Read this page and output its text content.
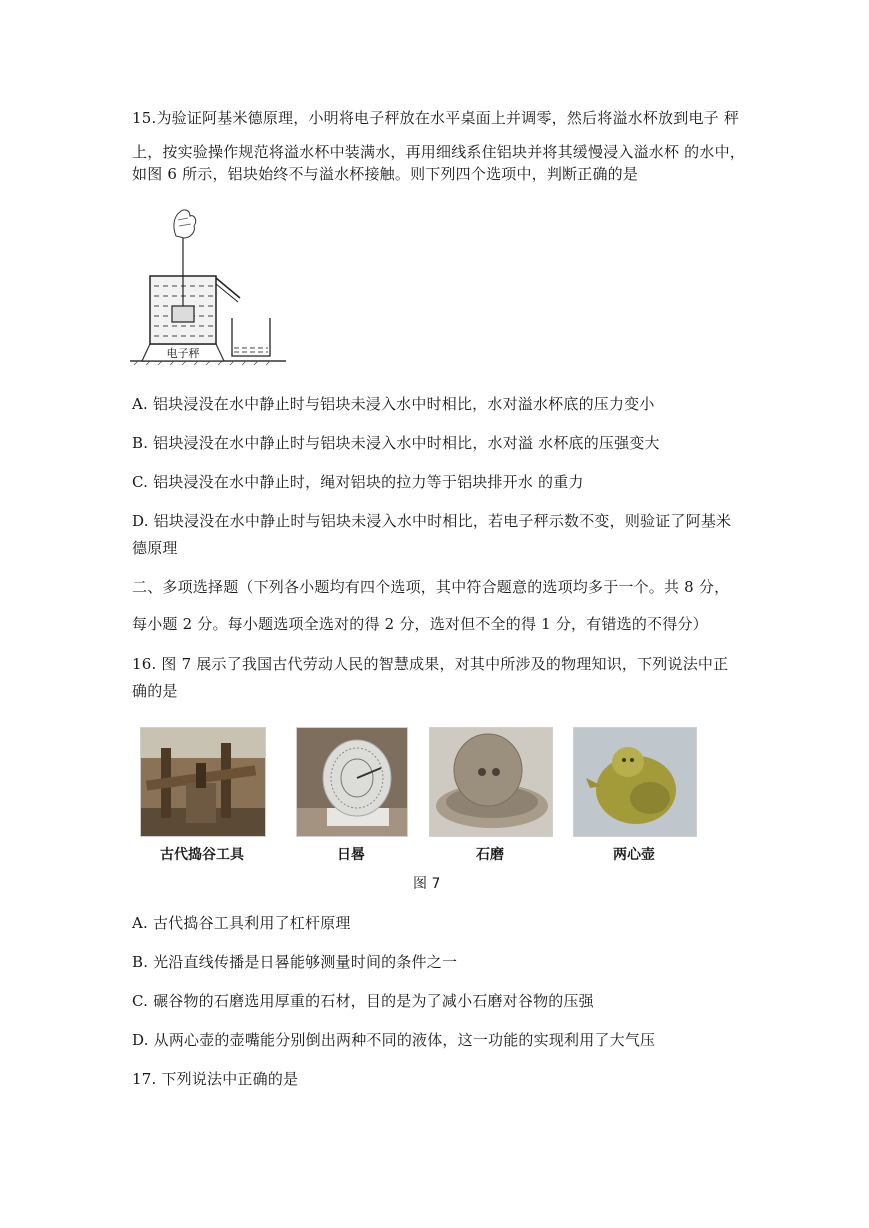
15.为验证阿基米德原理，小明将电子秤放在水平桌面上并调零，然后将溢水杯放到电子 秤
上，按实验操作规范将溢水杯中装满水，再用细线系住铝块并将其缓慢浸入溢水杯 的水中，
如图 6 所示，铝块始终不与溢水杯接触。则下列四个选项中，判断正确的是
电子秤
A. 铝块浸没在水中静止时与铝块未浸入水中时相比，水对溢水杯底的压力变小
B. 铝块浸没在水中静止时与铝块未浸入水中时相比，水对溢 水杯底的压强变大
C. 铝块浸没在水中静止时，绳对铝块的拉力等于铝块排开水 的重力
D. 铝块浸没在水中静止时与铝块未浸入水中时相比，若电子秤示数不变，则验证了阿基米
德原理
二、多项选择题（下列各小题均有四个选项，其中符合题意的选项均多于一个。共 8 分，
每小题 2 分。每小题选项全选对的得 2 分，选对但不全的得 1 分，有错选的不得分）
16. 图 7 展示了我国古代劳动人民的智慧成果，对其中所涉及的物理知识，下列说法中正
确的是
古代捣谷工具	日晷	石磨	两心壶
图 7
A. 古代捣谷工具利用了杠杆原理
B. 光沿直线传播是日晷能够测量时间的条件之一
C. 碾谷物的石磨选用厚重的石材，目的是为了减小石磨对谷物的压强
D. 从两心壶的壶嘴能分别倒出两种不同的液体，这一功能的实现利用了大气压
17. 下列说法中正确的是
